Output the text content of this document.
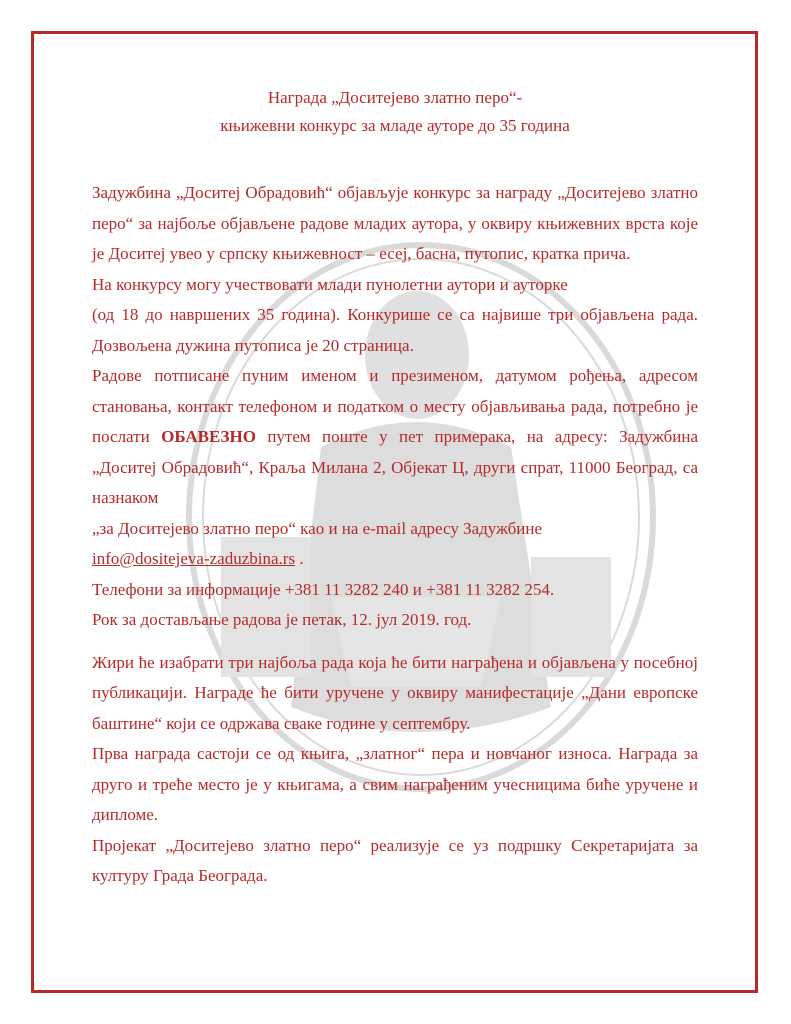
Награда „Доситејево златно перо“-
књижевни конкурс за младе ауторе до 35 година

Задужбина „Доситеј Обрадовић“ објављује конкурс за награду „Доситејево златно перо“ за најбоље објављене радове младих аутора, у оквиру књижевних врста које је Доситеј увео у српску књижевност – есеј, басна, путопис, кратка прича.

На конкурсу могу учествовати млади пунолетни аутори и ауторке

(од 18 до навршених 35 година). Конкурише се са највише три објављена рада. Дозвољена дужина путописа је 20 страница.

Радове потписане пуним именом и презименом, датумом рођења, адресом становања, контакт телефоном и податком о месту објављивања рада, потребно је послати ОБАВЕЗНО путем поште у пет примерака, на адресу: Задужбина „Доситеј Обрадовић“, Краља Милана 2, Објекат Ц, други спрат, 11000 Београд, са назнаком

„за Доситејево златно перо“ као и на e-mail адресу Задужбине

info@dositejeva-zaduzbina.rs .

Телефони за информације +381 11 3282 240 и +381 11 3282 254.

Рок за достављање радова је петак, 12. јул 2019. год.

Жири ће изабрати три најбоља рада која ће бити награђена и објављена у посебној публикацији. Награде ће бити уручене у оквиру манифестације „Дани европске баштине“ који се одржава сваке године у септембру.

Прва награда састоји се од књига, „златног“ пера и новчаног износа. Награда за друго и треће место је у књигама, а свим награђеним учесницима биће уручене и дипломе.

Пројекат „Доситејево златно перо“ реализује се уз подршку Секретаријата за културу Града Београда.
